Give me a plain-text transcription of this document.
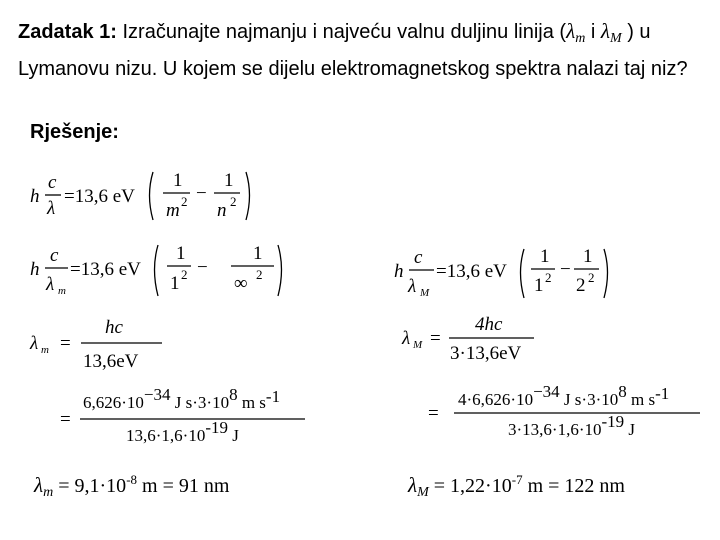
Zadatak 1: Izračunajte najmanju i najveću valnu duljinu linija ($\lambda_m$ i $\lambda_M$ ) u Lymanovu nizu. U kojem se dijelu elektromagnetskog spektra nalazi taj niz?
Rješenje:
h
c
λ
=13,6 eV
1
m 2 −
1
n 2
h
c
λ m
=13,6 eV
1
1 2 −
1
∞ 2	h
c
λ M
=13,6 eV
1
1 2 −
1
2 2
λ m =
hc
13,6eV
λ M =
4hc
3·13,6eV
=
6,626·10−34 J s·3·108 m s-1
13,6·1,6·10-19 J
=
4·6,626·10−34 J s·3·108 m s-1
3·13,6·1,6·10-19 J
$\lambda_m = 9,1\cdot 10^{-8}$ m = 91 nm	$\lambda_M = 1,22\cdot 10^{-7}$ m = 122 nm
